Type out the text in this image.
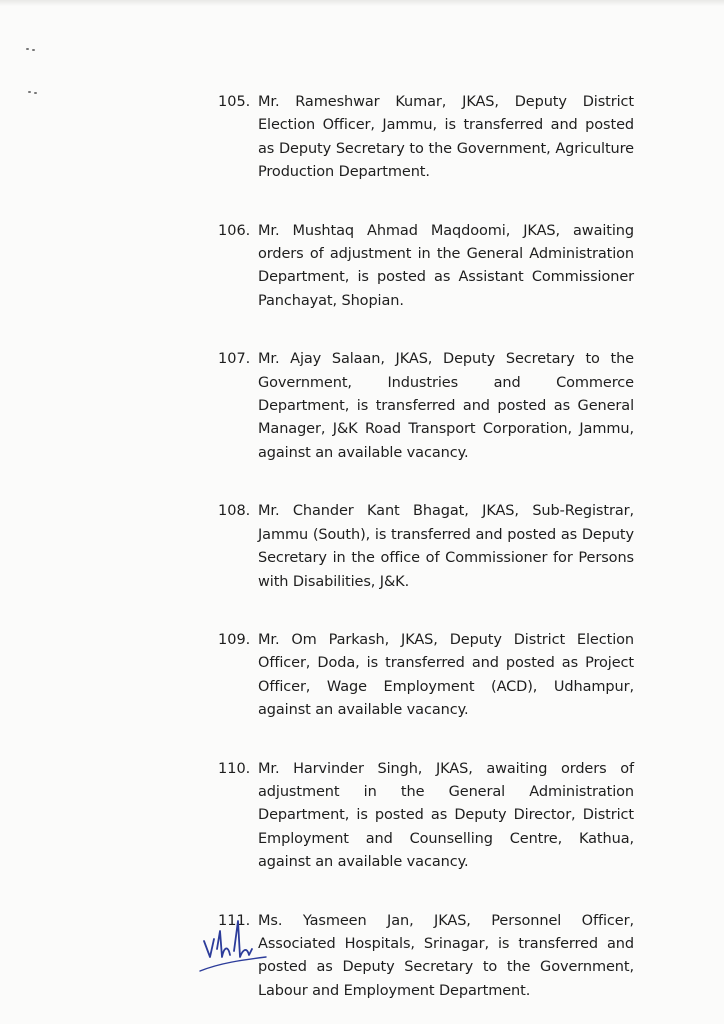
105. Mr. Rameshwar Kumar, JKAS, Deputy District Election Officer, Jammu, is transferred and posted as Deputy Secretary to the Government, Agriculture Production Department.
106. Mr. Mushtaq Ahmad Maqdoomi, JKAS, awaiting orders of adjustment in the General Administration Department, is posted as Assistant Commissioner Panchayat, Shopian.
107. Mr. Ajay Salaan, JKAS, Deputy Secretary to the Government, Industries and Commerce Department, is transferred and posted as General Manager, J&K Road Transport Corporation, Jammu, against an available vacancy.
108. Mr. Chander Kant Bhagat, JKAS, Sub-Registrar, Jammu (South), is transferred and posted as Deputy Secretary in the office of Commissioner for Persons with Disabilities, J&K.
109. Mr. Om Parkash, JKAS, Deputy District Election Officer, Doda, is transferred and posted as Project Officer, Wage Employment (ACD), Udhampur, against an available vacancy.
110. Mr. Harvinder Singh, JKAS, awaiting orders of adjustment in the General Administration Department, is posted as Deputy Director, District Employment and Counselling Centre, Kathua, against an available vacancy.
111. Ms. Yasmeen Jan, JKAS, Personnel Officer, Associated Hospitals, Srinagar, is transferred and posted as Deputy Secretary to the Government, Labour and Employment Department.
